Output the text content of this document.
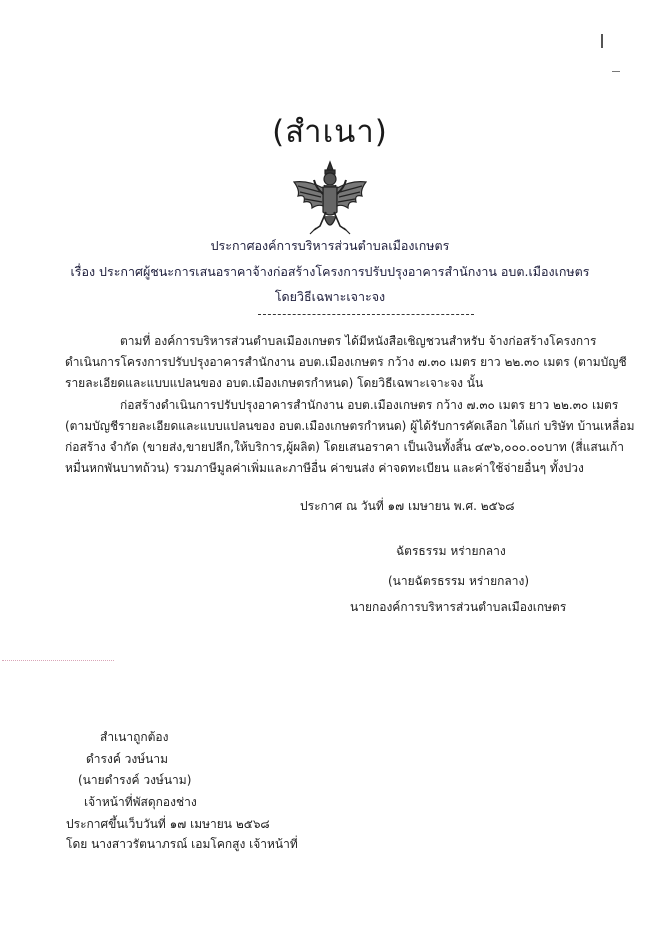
(สำเนา)
ประกาศองค์การบริหารส่วนตำบลเมืองเกษตร
เรื่อง ประกาศผู้ชนะการเสนอราคาจ้างก่อสร้างโครงการปรับปรุงอาคารสำนักงาน อบต.เมืองเกษตร
โดยวิธีเฉพาะเจาะจง
ตามที่ องค์การบริหารส่วนตำบลเมืองเกษตร ได้มีหนังสือเชิญชวนสำหรับ จ้างก่อสร้างโครงการ
ดำเนินการโครงการปรับปรุงอาคารสำนักงาน อบต.เมืองเกษตร กว้าง ๗.๓๐ เมตร ยาว ๒๒.๓๐ เมตร (ตามบัญชี
รายละเอียดและแบบแปลนของ อบต.เมืองเกษตรกำหนด) โดยวิธีเฉพาะเจาะจง นั้น
ก่อสร้างดำเนินการปรับปรุงอาคารสำนักงาน อบต.เมืองเกษตร กว้าง ๗.๓๐ เมตร ยาว ๒๒.๓๐ เมตร
(ตามบัญชีรายละเอียดและแบบแปลนของ อบต.เมืองเกษตรกำหนด) ผู้ได้รับการคัดเลือก ได้แก่ บริษัท บ้านเหลื่อม
ก่อสร้าง จำกัด (ขายส่ง,ขายปลีก,ให้บริการ,ผู้ผลิต) โดยเสนอราคา เป็นเงินทั้งสิ้น ๔๙๖,๐๐๐.๐๐บาท (สี่แสนเก้า
หมื่นหกพันบาทถ้วน) รวมภาษีมูลค่าเพิ่มและภาษีอื่น ค่าขนส่ง ค่าจดทะเบียน และค่าใช้จ่ายอื่นๆ ทั้งปวง
ประกาศ ณ วันที่ ๑๗ เมษายน พ.ศ. ๒๕๖๘
ฉัตรธรรม หร่ายกลาง
(นายฉัตรธรรม หร่ายกลาง)
นายกองค์การบริหารส่วนตำบลเมืองเกษตร
สำเนาถูกต้อง
ดำรงค์ วงษ์นาม
(นายดำรงค์ วงษ์นาม)
เจ้าหน้าที่พัสดุกองช่าง
ประกาศขึ้นเว็บวันที่ ๑๗ เมษายน ๒๕๖๘
โดย นางสาวรัตนาภรณ์ เอมโคกสูง เจ้าหน้าที่
